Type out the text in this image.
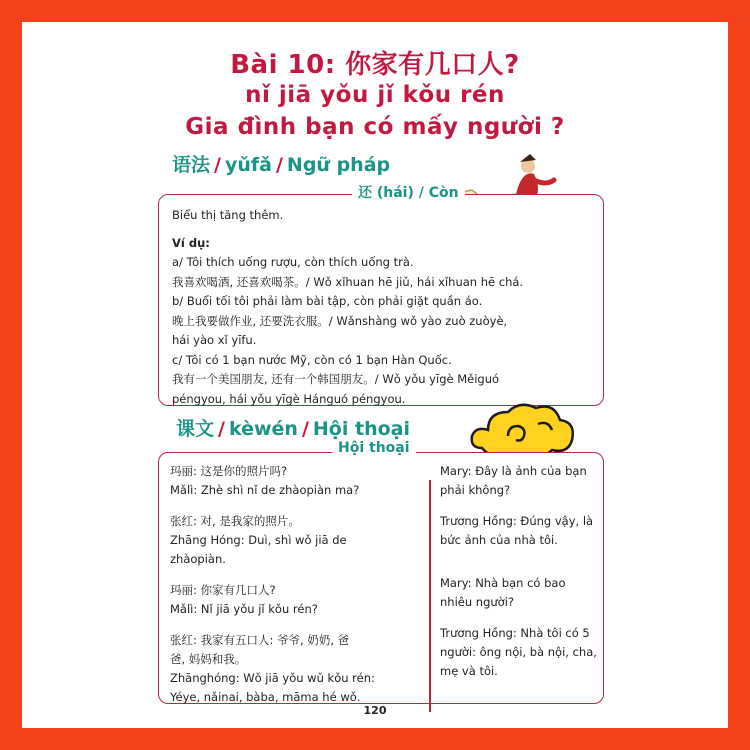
Bài 10: 你家有几口人?
nǐ jiā yǒu jǐ kǒu rén
Gia đình bạn có mấy người ?
语法 / yǔfǎ / Ngữ pháp
还 (hái) / Còn
Biểu thị tăng thêm.
Ví dụ:
a/ Tôi thích uống rượu, còn thích uống trà.
我喜欢喝酒, 还喜欢喝茶。/ Wǒ xǐhuan hē jiǔ, hái xǐhuan hē chá.
b/ Buổi tối tôi phải làm bài tập, còn phải giặt quần áo.
晚上我要做作业, 还要洗衣服。/ Wǎnshàng wǒ yào zuò zuòyè,
hái yào xǐ yīfu.
c/ Tôi có 1 bạn nước Mỹ, còn có 1 bạn Hàn Quốc.
我有一个美国朋友, 还有一个韩国朋友。/ Wǒ yǒu yīgè Měiguó
péngyou, hái yǒu yīgè Hánguó péngyou.
课文 / kèwén / Hội thoại
Hội thoại

玛丽: 这是你的照片吗?
Mǎlì: Zhè shì nǐ de zhàopiàn ma?

张红: 对, 是我家的照片。
Zhāng Hóng: Duì, shì wǒ jiā de
zhàopiàn.

玛丽: 你家有几口人?
Mǎlì: Nǐ jiā yǒu jǐ kǒu rén?

张红: 我家有五口人: 爷爷, 奶奶, 爸
爸, 妈妈和我。
Zhānghóng: Wǒ jiā yǒu wǔ kǒu rén:
Yéye, nǎinai, bàba, māma hé wǒ.

Mary: Đây là ảnh của bạn
phải không?

Trương Hồng: Đúng vậy, là
bức ảnh của nhà tôi.

Mary: Nhà bạn có bao
nhiêu người?

Trương Hồng: Nhà tôi có 5
người: ông nội, bà nội, cha,
mẹ và tôi.

120
